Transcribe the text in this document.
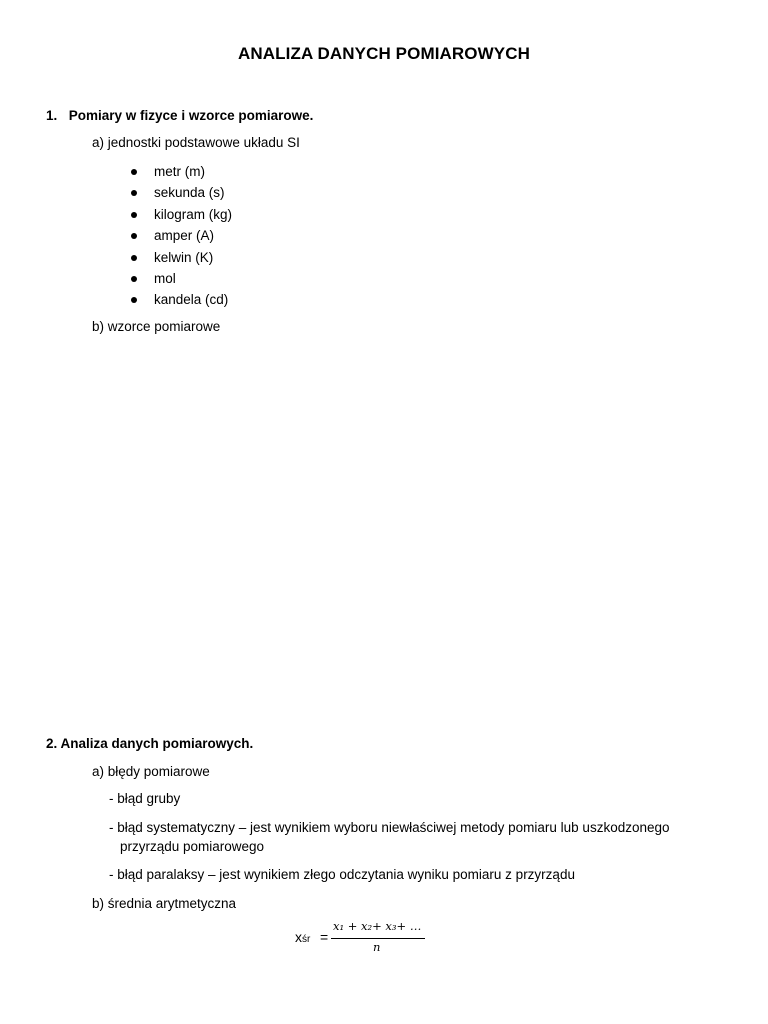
ANALIZA DANYCH POMIAROWYCH
1. Pomiary w fizyce i wzorce pomiarowe.
a) jednostki podstawowe układu SI
metr (m)
sekunda (s)
kilogram (kg)
amper (A)
kelwin (K)
mol
kandela (cd)
b) wzorce pomiarowe
2. Analiza danych pomiarowych.
a) błędy pomiarowe
- błąd gruby
- błąd systematyczny – jest wynikiem wyboru niewłaściwej metody pomiaru lub uszkodzonego
przyrządu pomiarowego
- błąd paralaksy – jest wynikiem złego odczytania wyniku pomiaru z przyrządu
b) średnia arytmetyczna
xśr =
x₁ + x₂+ x₃+ …
n
